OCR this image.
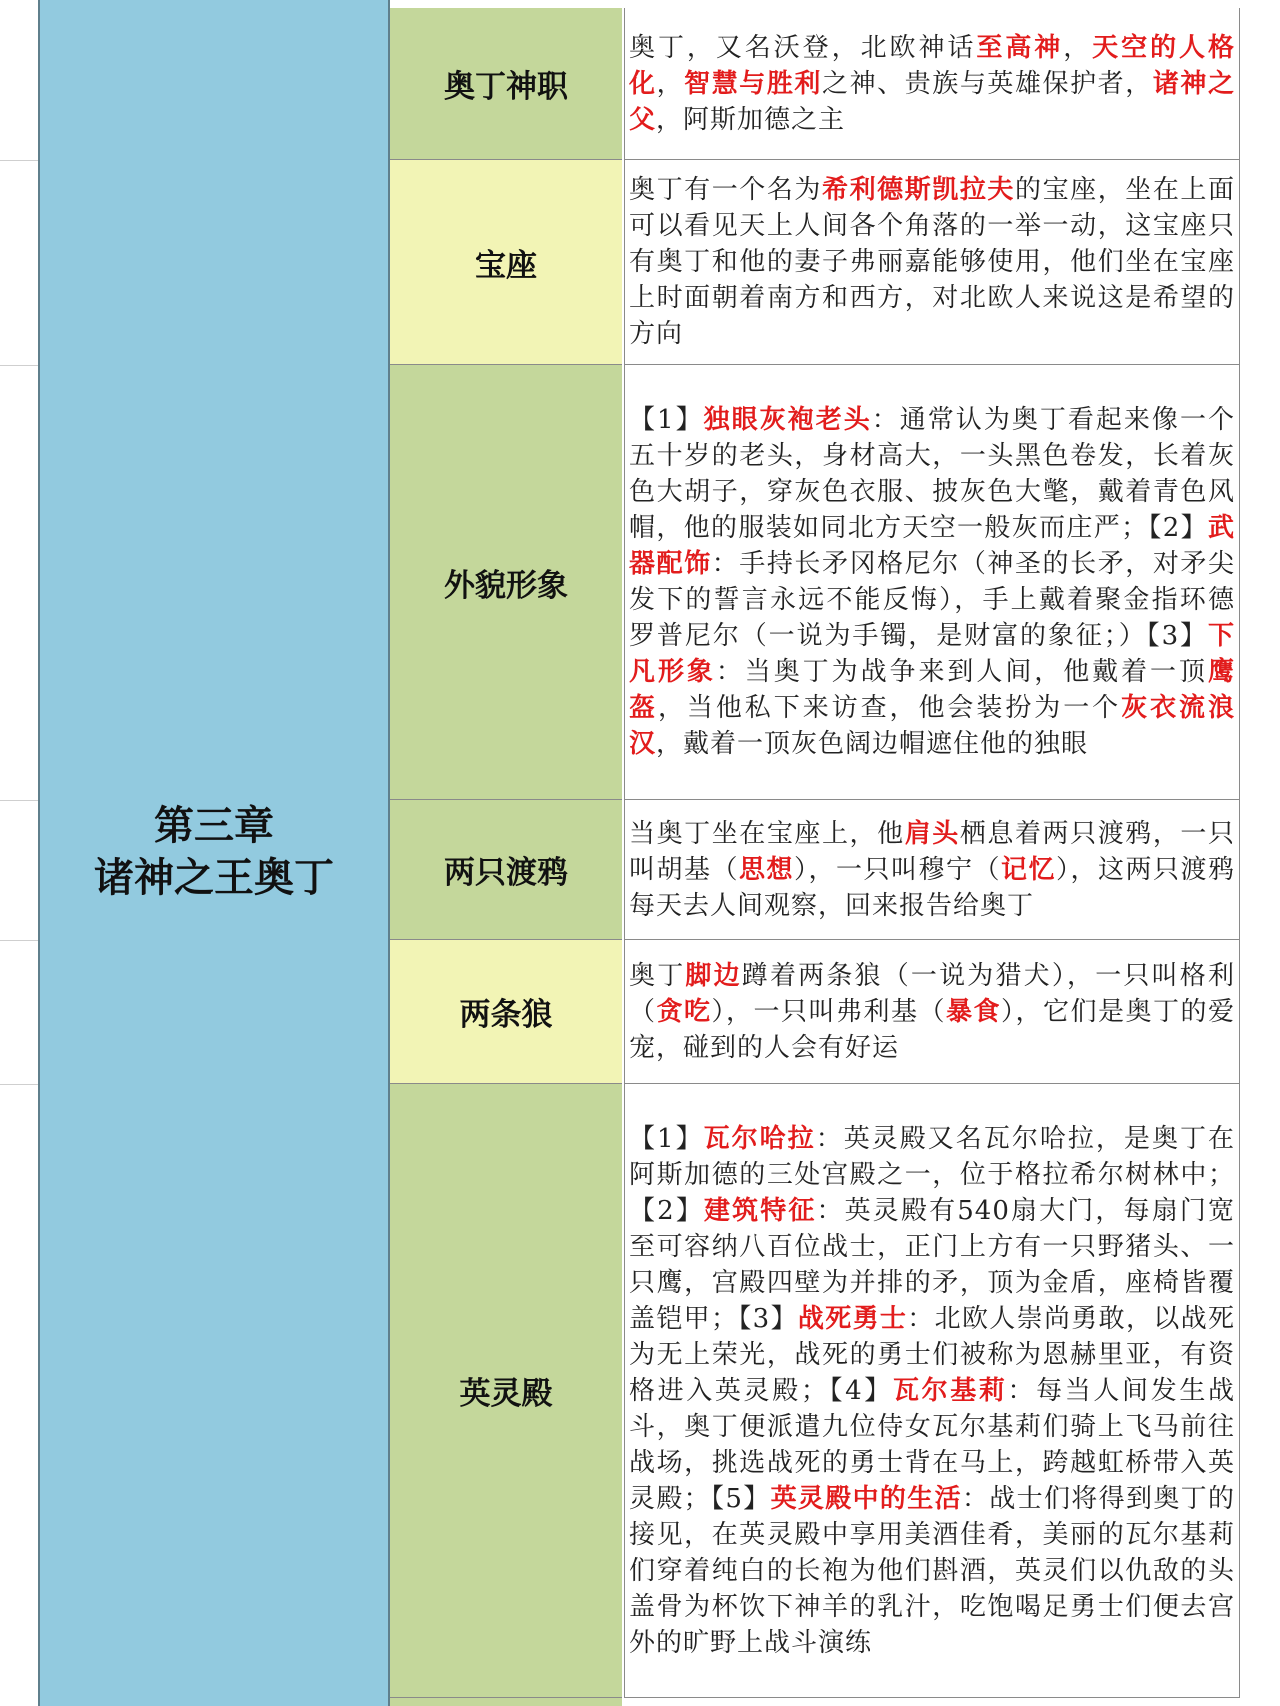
第三章
诸神之王奥丁
奥丁神职

奥丁，又名沃登，北欧神话至高神，天空的人格化，智慧与胜利之神、贵族与英雄保护者，诸神之父，阿斯加德之主

宝座

奥丁有一个名为希利德斯凯拉夫的宝座，坐在上面可以看见天上人间各个角落的一举一动，这宝座只有奥丁和他的妻子弗丽嘉能够使用，他们坐在宝座上时面朝着南方和西方，对北欧人来说这是希望的方向

外貌形象

【1】独眼灰袍老头：通常认为奥丁看起来像一个五十岁的老头，身材高大，一头黑色卷发，长着灰色大胡子，穿灰色衣服、披灰色大氅，戴着青色风帽，他的服装如同北方天空一般灰而庄严；【2】武器配饰：手持长矛冈格尼尔（神圣的长矛，对矛尖发下的誓言永远不能反悔），手上戴着聚金指环德罗普尼尔（一说为手镯，是财富的象征；）【3】下凡形象：当奥丁为战争来到人间，他戴着一顶鹰盔，当他私下来访查，他会装扮为一个灰衣流浪汉，戴着一顶灰色阔边帽遮住他的独眼

两只渡鸦

当奥丁坐在宝座上，他肩头栖息着两只渡鸦，一只叫胡基（思想），一只叫穆宁（记忆），这两只渡鸦每天去人间观察，回来报告给奥丁

两条狼

奥丁脚边蹲着两条狼（一说为猎犬），一只叫格利（贪吃），一只叫弗利基（暴食），它们是奥丁的爱宠，碰到的人会有好运

英灵殿

【1】瓦尔哈拉：英灵殿又名瓦尔哈拉，是奥丁在阿斯加德的三处宫殿之一，位于格拉希尔树林中；【2】建筑特征：英灵殿有540扇大门，每扇门宽至可容纳八百位战士，正门上方有一只野猪头、一只鹰，宫殿四壁为并排的矛，顶为金盾，座椅皆覆盖铠甲；【3】战死勇士：北欧人崇尚勇敢，以战死为无上荣光，战死的勇士们被称为恩赫里亚，有资格进入英灵殿；【4】瓦尔基莉：每当人间发生战斗，奥丁便派遣九位侍女瓦尔基莉们骑上飞马前往战场，挑选战死的勇士背在马上，跨越虹桥带入英灵殿；【5】英灵殿中的生活：战士们将得到奥丁的接见，在英灵殿中享用美酒佳肴，美丽的瓦尔基莉们穿着纯白的长袍为他们斟酒，英灵们以仇敌的头盖骨为杯饮下神羊的乳汁，吃饱喝足勇士们便去宫外的旷野上战斗演练
